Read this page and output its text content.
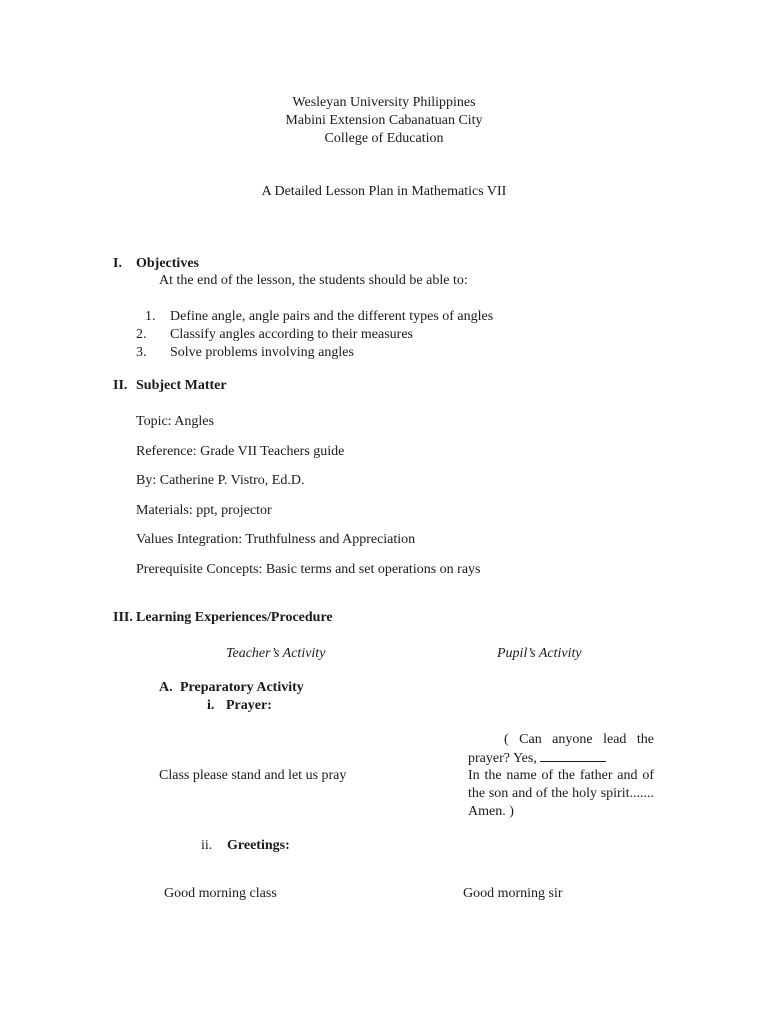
Wesleyan University Philippines
Mabini Extension Cabanatuan City
College of Education
A Detailed Lesson Plan in Mathematics VII
I. Objectives
At the end of the lesson, the students should be able to:
1. Define angle, angle pairs and the different types of angles
2. Classify angles according to their measures
3. Solve problems involving angles
II. Subject Matter
Topic: Angles
Reference: Grade VII Teachers guide
By: Catherine P. Vistro, Ed.D.
Materials: ppt, projector
Values Integration: Truthfulness and Appreciation
Prerequisite Concepts: Basic terms and set operations on rays
III. Learning Experiences/Procedure
Teacher’s Activity	Pupil’s Activity
A. Preparatory Activity
i. Prayer:
( Can anyone lead the prayer? Yes,
In the name of the father and of the son and of the holy spirit....... Amen. )
Class please stand and let us pray
ii. Greetings:
Good morning class	Good morning sir
